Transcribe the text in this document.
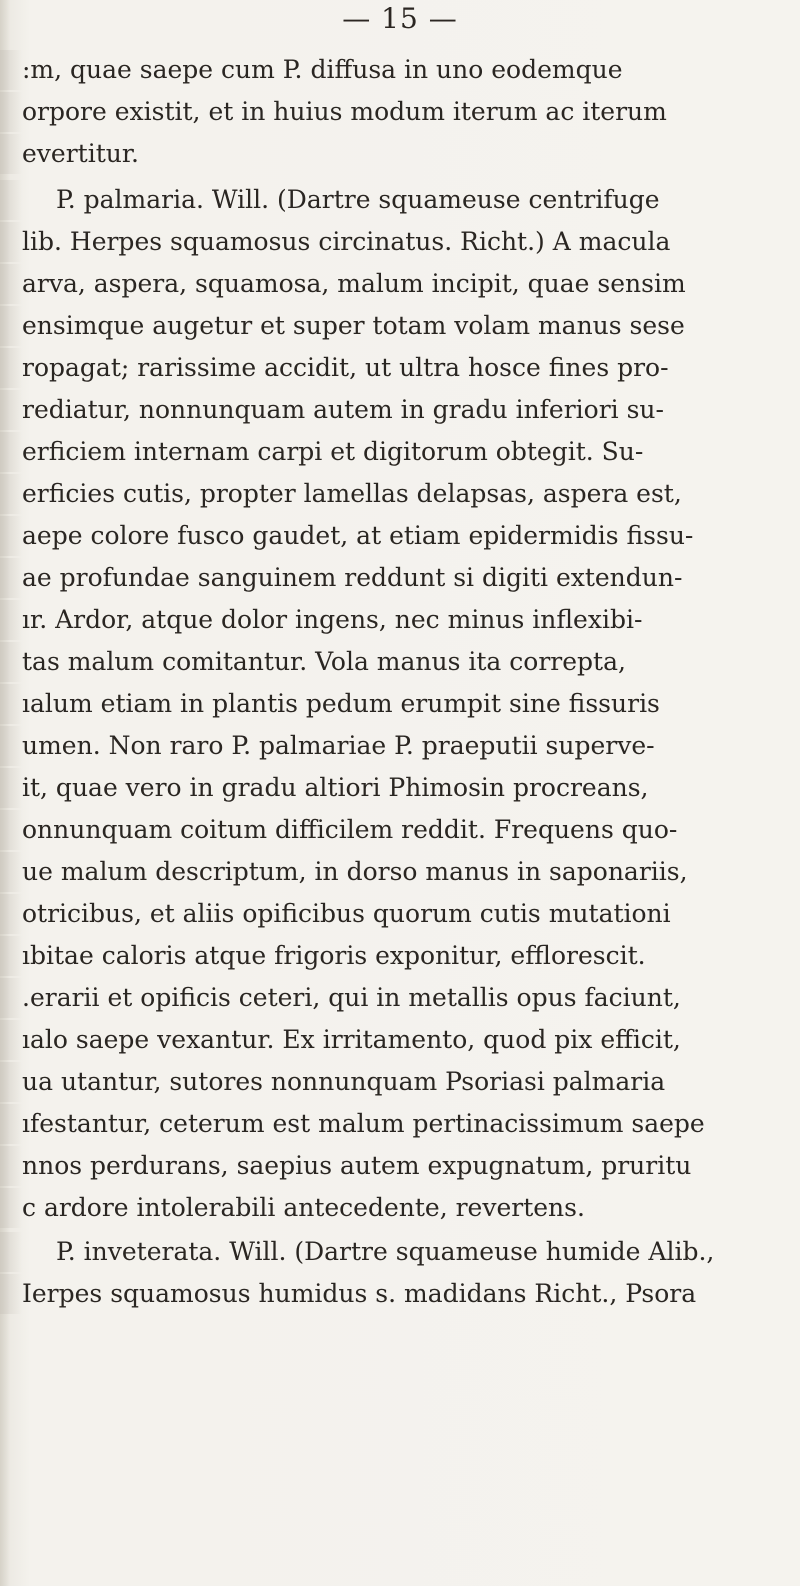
— 15 —
:m, quae saepe cum P. diffusa in uno eodemque
orpore existit, et in huius modum iterum ac iterum
evertitur.
P. palmaria. Will. (Dartre squameuse centrifuge
lib. Herpes squamosus circinatus. Richt.) A macula
arva, aspera, squamosa, malum incipit, quae sensim
ensimque augetur et super totam volam manus sese
ropagat; rarissime accidit, ut ultra hosce fines pro-
rediatur, nonnunquam autem in gradu inferiori su-
erficiem internam carpi et digitorum obtegit. Su-
erficies cutis, propter lamellas delapsas, aspera est,
aepe colore fusco gaudet, at etiam epidermidis fissu-
ae profundae sanguinem reddunt si digiti extendun-
ır. Ardor, atque dolor ingens, nec minus inflexibi-
tas malum comitantur. Vola manus ita correpta,
ıalum etiam in plantis pedum erumpit sine fissuris
umen. Non raro P. palmariae P. praeputii superve-
it, quae vero in gradu altiori Phimosin procreans,
onnunquam coitum difficilem reddit. Frequens quo-
ue malum descriptum, in dorso manus in saponariis,
otricibus, et aliis opificibus quorum cutis mutationi
ıbitae caloris atque frigoris exponitur, efflorescit.
.erarii et opificis ceteri, qui in metallis opus faciunt,
ıalo saepe vexantur. Ex irritamento, quod pix efficit,
ua utantur, sutores nonnunquam Psoriasi palmaria
ıfestantur, ceterum est malum pertinacissimum saepe
nnos perdurans, saepius autem expugnatum, pruritu
c ardore intolerabili antecedente, revertens.
P. inveterata. Will. (Dartre squameuse humide Alib.,
Ierpes squamosus humidus s. madidans Richt., Psora
